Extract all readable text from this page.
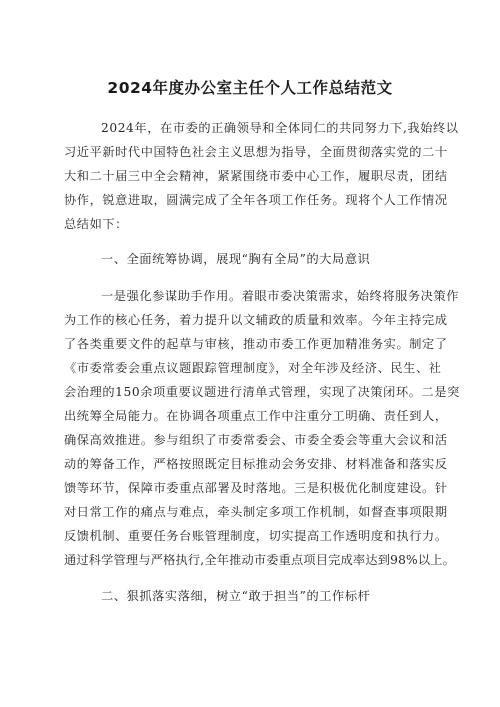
2024年度办公室主任个人工作总结范文
2024年，在市委的正确领导和全体同仁的共同努力下,我始终以
习近平新时代中国特色社会主义思想为指导，全面贯彻落实党的二十
大和二十届三中全会精神，紧紧围绕市委中心工作，履职尽责，团结
协作，锐意进取，圆满完成了全年各项工作任务。现将个人工作情况
总结如下：
一、全面统筹协调，展现“胸有全局”的大局意识
一是强化参谋助手作用。着眼市委决策需求，始终将服务决策作
为工作的核心任务，着力提升以文辅政的质量和效率。今年主持完成
了各类重要文件的起草与审核，推动市委工作更加精准务实。制定了
《市委常委会重点议题跟踪管理制度》，对全年涉及经济、民生、社
会治理的150余项重要议题进行清单式管理，实现了决策闭环。二是突
出统筹全局能力。在协调各项重点工作中注重分工明确、责任到人，
确保高效推进。参与组织了市委常委会、市委全委会等重大会议和活
动的筹备工作，严格按照既定目标推动会务安排、材料准备和落实反
馈等环节，保障市委重点部署及时落地。三是积极优化制度建设。针
对日常工作的痛点与难点，牵头制定多项工作机制，如督查事项限期
反馈机制、重要任务台账管理制度，切实提高工作透明度和执行力。
通过科学管理与严格执行,全年推动市委重点项目完成率达到98%以上。
二、狠抓落实落细，树立“敢于担当”的工作标杆
